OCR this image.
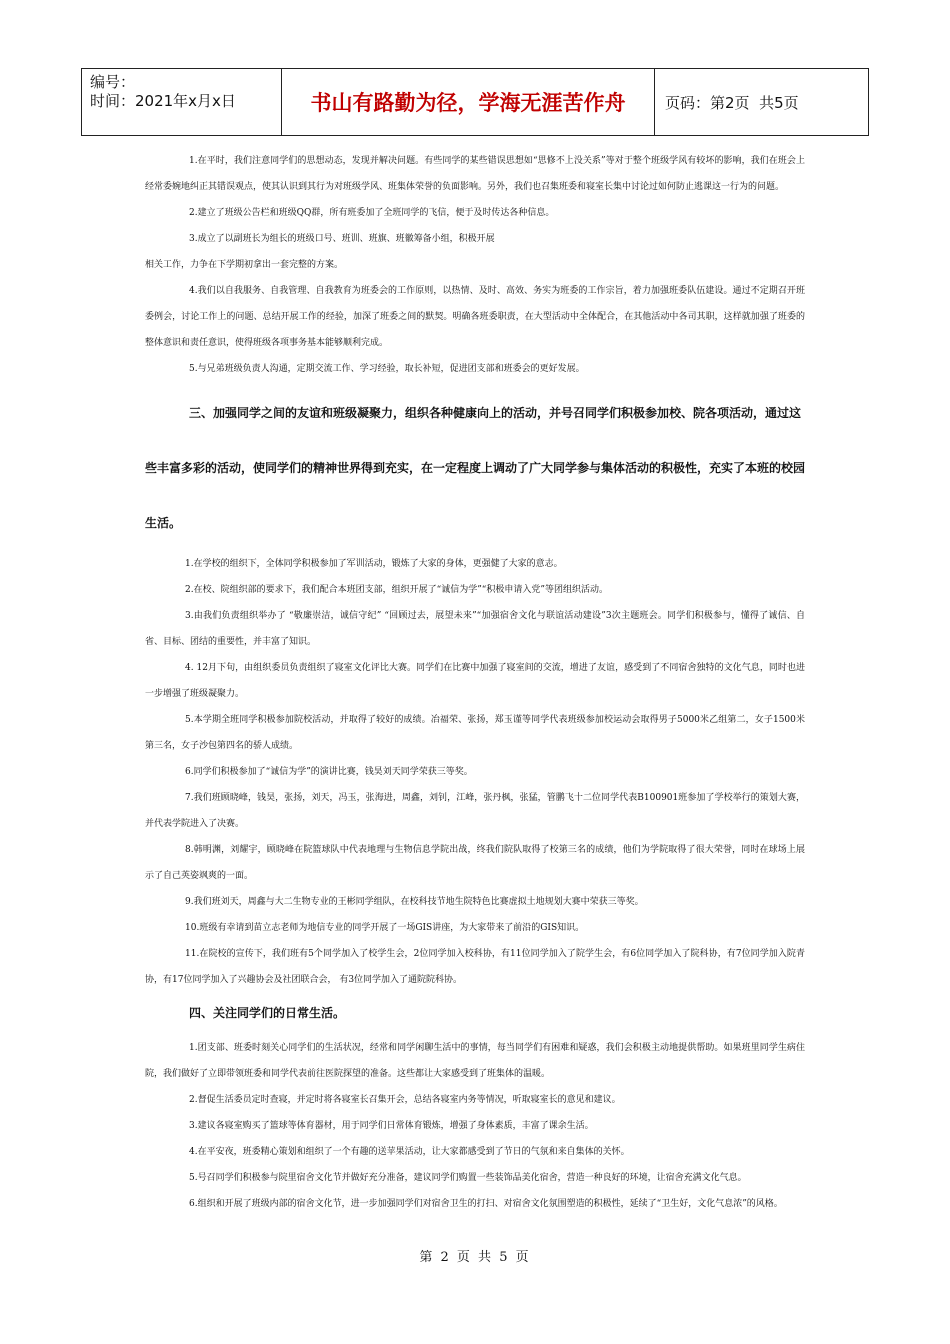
编号：
时间：2021年x月x日	书山有路勤为径，学海无涯苦作舟	页码：第2页  共5页

1.在平时，我们注意同学们的思想动态，发现并解决问题。有些同学的某些错误思想如“思修不上没关系”等对于整个班级学风有较坏的影响，我们在班会上经常委婉地纠正其错误观点，使其认识到其行为对班级学风、班集体荣誉的负面影响。另外，我们也召集班委和寝室长集中讨论过如何防止逃课这一行为的问题。

2.建立了班级公告栏和班级QQ群，所有班委加了全班同学的飞信，便于及时传达各种信息。

3.成立了以副班长为组长的班级口号、班训、班旗、班徽筹备小组，积极开展

相关工作，力争在下学期初拿出一套完整的方案。

4.我们以自我服务、自我管理、自我教育为班委会的工作原则，以热情、及时、高效、务实为班委的工作宗旨，着力加强班委队伍建设。通过不定期召开班委例会，讨论工作上的问题、总结开展工作的经验，加深了班委之间的默契。明确各班委职责，在大型活动中全体配合，在其他活动中各司其职，这样就加强了班委的整体意识和责任意识，使得班级各项事务基本能够顺利完成。

5.与兄弟班级负责人沟通，定期交流工作、学习经验，取长补短，促进团支部和班委会的更好发展。

三、加强同学之间的友谊和班级凝聚力，组织各种健康向上的活动，并号召同学们积极参加校、院各项活动，通过这些丰富多彩的活动，使同学们的精神世界得到充实，在一定程度上调动了广大同学参与集体活动的积极性，充实了本班的校园生活。

1.在学校的组织下，全体同学积极参加了军训活动，锻炼了大家的身体，更强健了大家的意志。

2.在校、院组织部的要求下，我们配合本班团支部，组织开展了“诚信为学”“积极申请入党”等团组织活动。

3.由我们负责组织举办了 “敬廉崇洁，诚信守纪” “回顾过去，展望未来”“加强宿舍文化与联谊活动建设”3次主题班会。同学们积极参与，懂得了诚信、自省、目标、团结的重要性，并丰富了知识。

4. 12月下旬，由组织委员负责组织了寝室文化评比大赛。同学们在比赛中加强了寝室间的交流，增进了友谊，感受到了不同宿舍独特的文化气息，同时也进一步增强了班级凝聚力。

5.本学期全班同学积极参加院校活动，并取得了较好的成绩。冶福荣、张扬，郑玉谨等同学代表班级参加校运动会取得男子5000米乙组第二，女子1500米第三名，女子沙包第四名的骄人成绩。

6.同学们积极参加了“诚信为学”的演讲比赛，钱昊刘天同学荣获三等奖。

7.我们班顾晓峰，钱昊，张扬，刘天，冯玉，张海进，周鑫，刘钊，江峰，张丹枫，张猛，管鹏飞十二位同学代表B100901班参加了学校举行的策划大赛，并代表学院进入了决赛。

8.韩明渊，刘耀宇，顾晓峰在院篮球队中代表地理与生物信息学院出战，终我们院队取得了校第三名的成绩，他们为学院取得了很大荣誉，同时在球场上展示了自己英姿飒爽的一面。

9.我们班刘天，周鑫与大二生物专业的王彬同学组队，在校科技节地生院特色比赛虚拟土地规划大赛中荣获三等奖。

10.班级有幸请到苗立志老师为地信专业的同学开展了一场GIS讲座，为大家带来了前沿的GIS知识。

11.在院校的宣传下，我们班有5个同学加入了校学生会，2位同学加入校科协，有11位同学加入了院学生会，有6位同学加入了院科协，有7位同学加入院青协，有17位同学加入了兴趣协会及社团联合会， 有3位同学加入了通院院科协。

四、关注同学们的日常生活。

1.团支部、班委时刻关心同学们的生活状况，经常和同学闲聊生活中的事情，每当同学们有困难和疑惑，我们会积极主动地提供帮助。如果班里同学生病住院，我们做好了立即带领班委和同学代表前往医院探望的准备。这些都让大家感受到了班集体的温暖。

2.督促生活委员定时查寝，并定时将各寝室长召集开会，总结各寝室内务等情况，听取寝室长的意见和建议。

3.建议各寝室购买了篮球等体育器材，用于同学们日常体育锻炼，增强了身体素质，丰富了课余生活。

4.在平安夜，班委精心策划和组织了一个有趣的送苹果活动，让大家都感受到了节日的气氛和来自集体的关怀。

5.号召同学们积极参与院里宿舍文化节并做好充分准备，建议同学们购置一些装饰品美化宿舍，营造一种良好的环境，让宿舍充满文化气息。

6.组织和开展了班级内部的宿舍文化节，进一步加强同学们对宿舍卫生的打扫、对宿舍文化氛围塑造的积极性，延续了“卫生好，文化气息浓”的风格。

第 2 页 共 5 页
